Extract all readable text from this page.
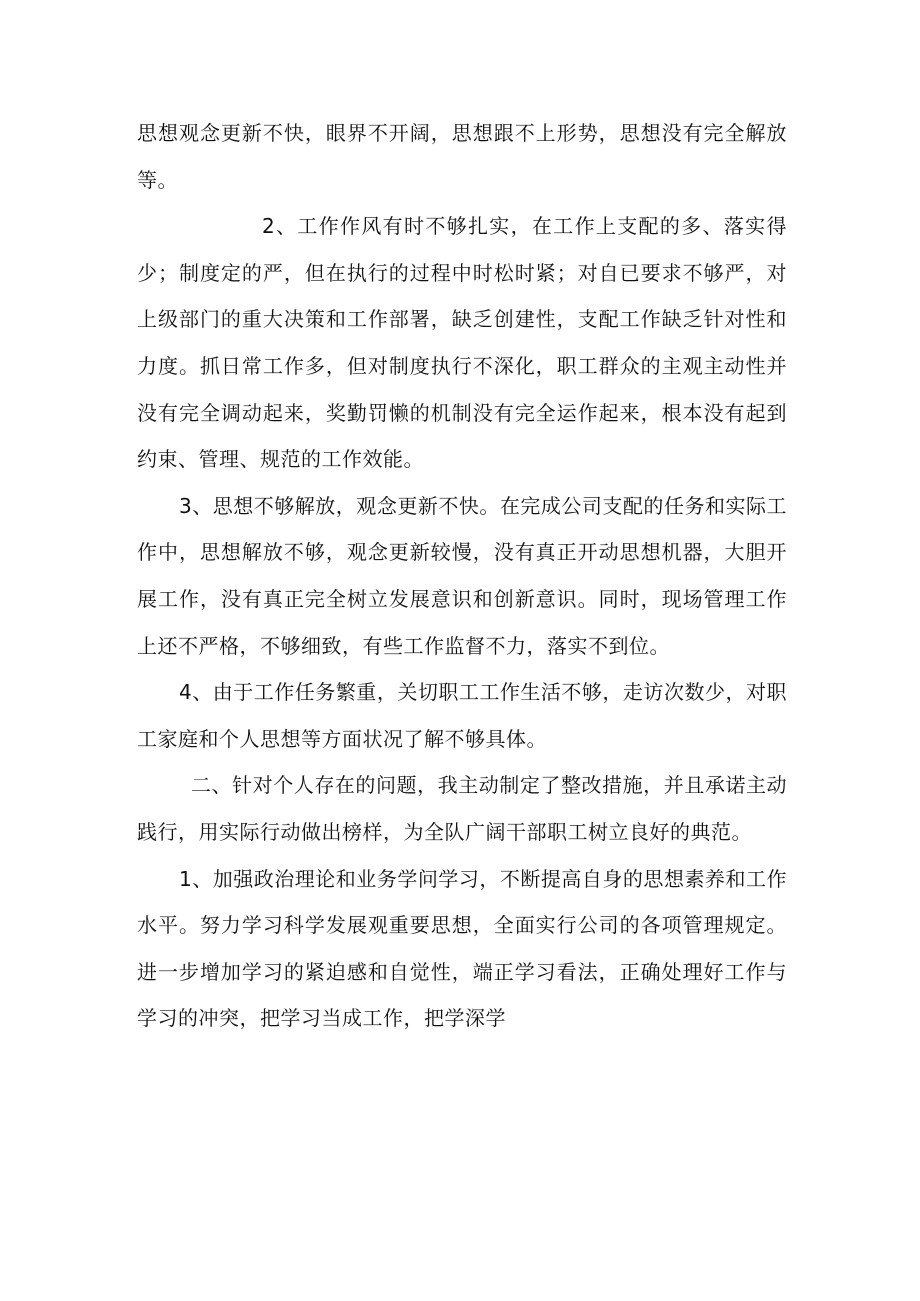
思想观念更新不快，眼界不开阔，思想跟不上形势，思想没有完全解放等。

2、工作作风有时不够扎实，在工作上支配的多、落实得少；制度定的严，但在执行的过程中时松时紧；对自已要求不够严，对上级部门的重大决策和工作部署，缺乏创建性，支配工作缺乏针对性和力度。抓日常工作多，但对制度执行不深化，职工群众的主观主动性并没有完全调动起来，奖勤罚懒的机制没有完全运作起来，根本没有起到约束、管理、规范的工作效能。

3、思想不够解放，观念更新不快。在完成公司支配的任务和实际工作中，思想解放不够，观念更新较慢，没有真正开动思想机器，大胆开展工作，没有真正完全树立发展意识和创新意识。同时，现场管理工作上还不严格，不够细致，有些工作监督不力，落实不到位。

4、由于工作任务繁重，关切职工工作生活不够，走访次数少，对职工家庭和个人思想等方面状况了解不够具体。

二、针对个人存在的问题，我主动制定了整改措施，并且承诺主动践行，用实际行动做出榜样，为全队广阔干部职工树立良好的典范。

1、加强政治理论和业务学问学习，不断提高自身的思想素养和工作水平。努力学习科学发展观重要思想，全面实行公司的各项管理规定。进一步增加学习的紧迫感和自觉性，端正学习看法，正确处理好工作与学习的冲突，把学习当成工作，把学深学
